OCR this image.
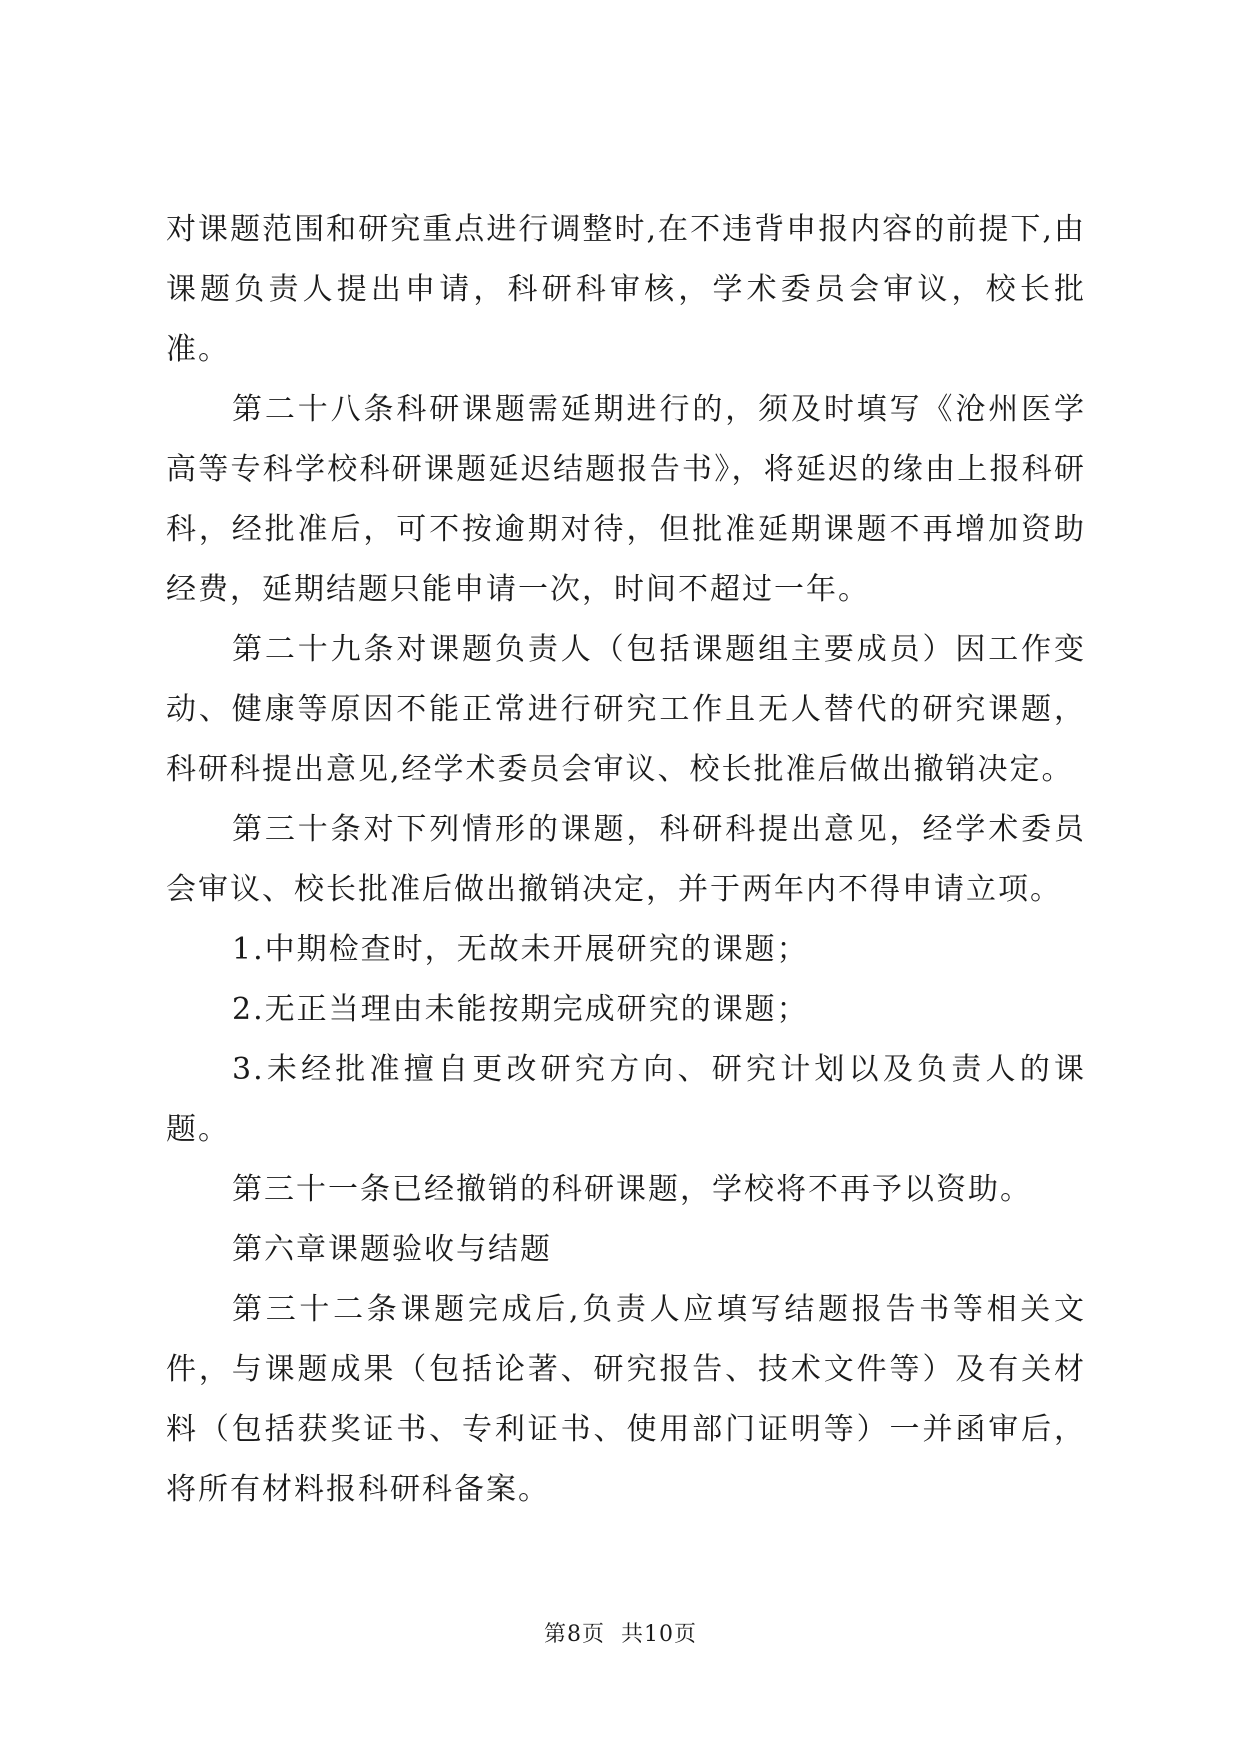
对课题范围和研究重点进行调整时,在不违背申报内容的前提下,由课题负责人提出申请，科研科审核，学术委员会审议，校长批准。

第二十八条科研课题需延期进行的，须及时填写《沧州医学高等专科学校科研课题延迟结题报告书》，将延迟的缘由上报科研科，经批准后，可不按逾期对待，但批准延期课题不再增加资助经费，延期结题只能申请一次，时间不超过一年。

第二十九条对课题负责人（包括课题组主要成员）因工作变动、健康等原因不能正常进行研究工作且无人替代的研究课题，科研科提出意见,经学术委员会审议、校长批准后做出撤销决定。

第三十条对下列情形的课题，科研科提出意见，经学术委员会审议、校长批准后做出撤销决定，并于两年内不得申请立项。

1.中期检查时，无故未开展研究的课题；

2.无正当理由未能按期完成研究的课题；

3.未经批准擅自更改研究方向、研究计划以及负责人的课题。

第三十一条已经撤销的科研课题，学校将不再予以资助。

第六章课题验收与结题

第三十二条课题完成后,负责人应填写结题报告书等相关文件，与课题成果（包括论著、研究报告、技术文件等）及有关材料（包括获奖证书、专利证书、使用部门证明等）一并函审后，将所有材料报科研科备案。

第8页 共10页
